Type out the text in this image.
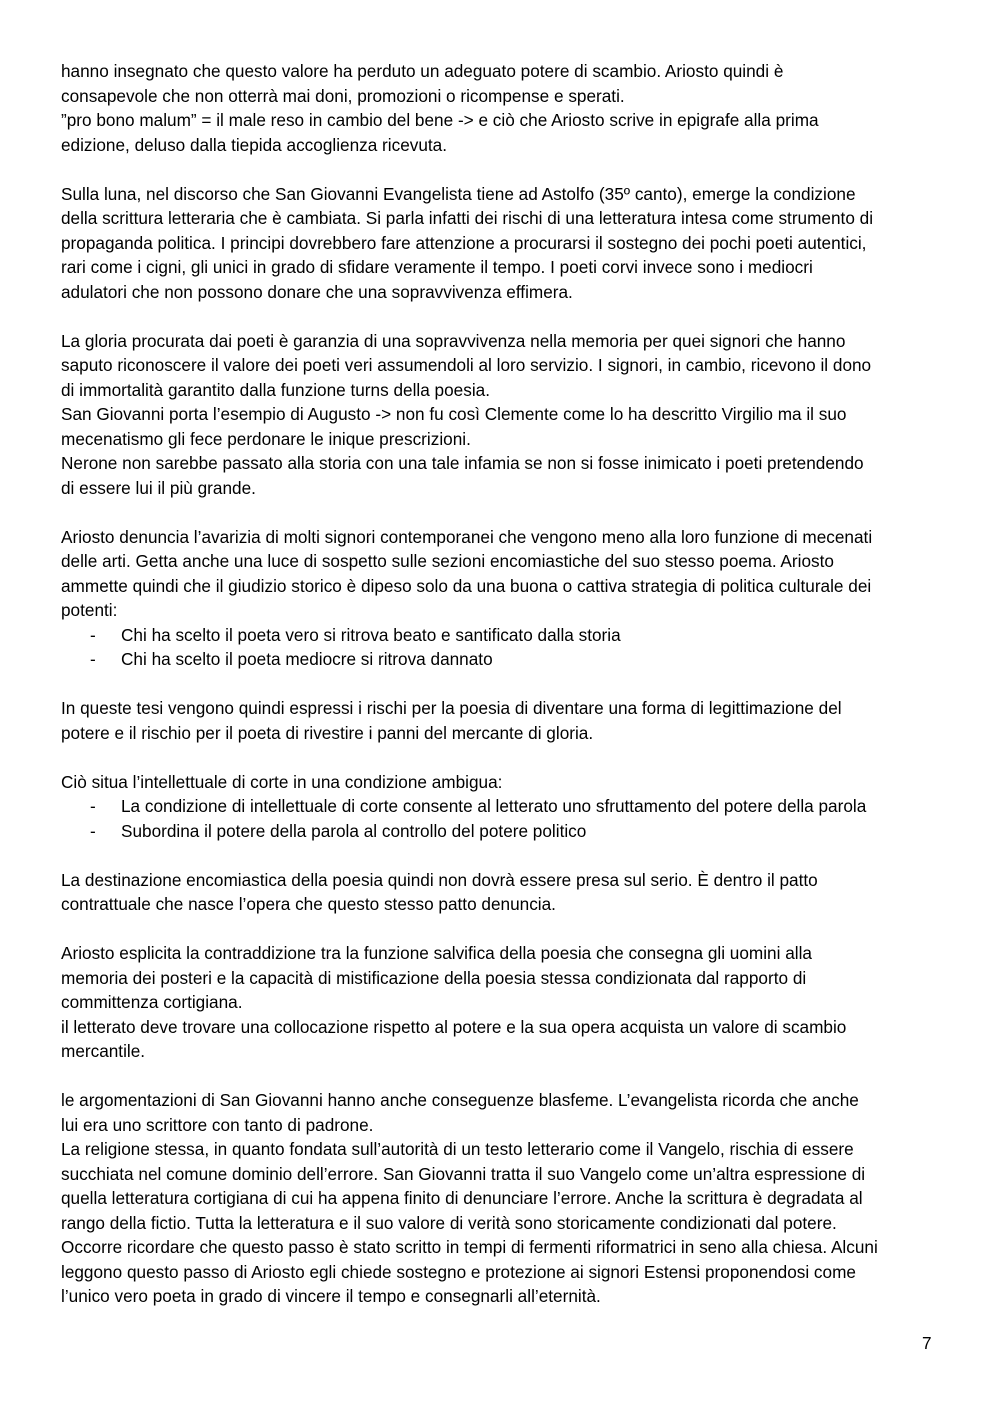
hanno insegnato che questo valore ha perduto un adeguato potere di scambio. Ariosto quindi è
consapevole che non otterrà mai doni, promozioni o ricompense e sperati.
”pro bono malum” = il male reso in cambio del bene -> e ciò che Ariosto scrive in epigrafe alla prima
edizione, deluso dalla tiepida accoglienza ricevuta.
Sulla luna, nel discorso che San Giovanni Evangelista tiene ad Astolfo (35º canto), emerge la condizione
della scrittura letteraria che è cambiata. Si parla infatti dei rischi di una letteratura intesa come strumento di
propaganda politica. I principi dovrebbero fare attenzione a procurarsi il sostegno dei pochi poeti autentici,
rari come i cigni, gli unici in grado di sfidare veramente il tempo. I poeti corvi invece sono i mediocri
adulatori che non possono donare che una sopravvivenza effimera.
La gloria procurata dai poeti è garanzia di una sopravvivenza nella memoria per quei signori che hanno
saputo riconoscere il valore dei poeti veri assumendoli al loro servizio. I signori, in cambio, ricevono il dono
di immortalità garantito dalla funzione turns della poesia.
San Giovanni porta l’esempio di Augusto -> non fu così Clemente come lo ha descritto Virgilio ma il suo
mecenatismo gli fece perdonare le inique prescrizioni.
Nerone non sarebbe passato alla storia con una tale infamia se non si fosse inimicato i poeti pretendendo
di essere lui il più grande.
Ariosto denuncia l’avarizia di molti signori contemporanei che vengono meno alla loro funzione di mecenati
delle arti. Getta anche una luce di sospetto sulle sezioni encomiastiche del suo stesso poema. Ariosto
ammette quindi che il giudizio storico è dipeso solo da una buona o cattiva strategia di politica culturale dei
potenti:
- Chi ha scelto il poeta vero si ritrova beato e santificato dalla storia
- Chi ha scelto il poeta mediocre si ritrova dannato
In queste tesi vengono quindi espressi i rischi per la poesia di diventare una forma di legittimazione del
potere e il rischio per il poeta di rivestire i panni del mercante di gloria.
Ciò situa l’intellettuale di corte in una condizione ambigua:
- La condizione di intellettuale di corte consente al letterato uno sfruttamento del potere della parola
- Subordina il potere della parola al controllo del potere politico
La destinazione encomiastica della poesia quindi non dovrà essere presa sul serio. È dentro il patto
contrattuale che nasce l’opera che questo stesso patto denuncia.
Ariosto esplicita la contraddizione tra la funzione salvifica della poesia che consegna gli uomini alla
memoria dei posteri e la capacità di mistificazione della poesia stessa condizionata dal rapporto di
committenza cortigiana.
il letterato deve trovare una collocazione rispetto al potere e la sua opera acquista un valore di scambio
mercantile.
le argomentazioni di San Giovanni hanno anche conseguenze blasfeme. L’evangelista ricorda che anche
lui era uno scrittore con tanto di padrone.
La religione stessa, in quanto fondata sull’autorità di un testo letterario come il Vangelo, rischia di essere
succhiata nel comune dominio dell’errore. San Giovanni tratta il suo Vangelo come un’altra espressione di
quella letteratura cortigiana di cui ha appena finito di denunciare l’errore. Anche la scrittura è degradata al
rango della fictio. Tutta la letteratura e il suo valore di verità sono storicamente condizionati dal potere.
Occorre ricordare che questo passo è stato scritto in tempi di fermenti riformatrici in seno alla chiesa. Alcuni
leggono questo passo di Ariosto egli chiede sostegno e protezione ai signori Estensi proponendosi come
l’unico vero poeta in grado di vincere il tempo e consegnarli all’eternità.
7
